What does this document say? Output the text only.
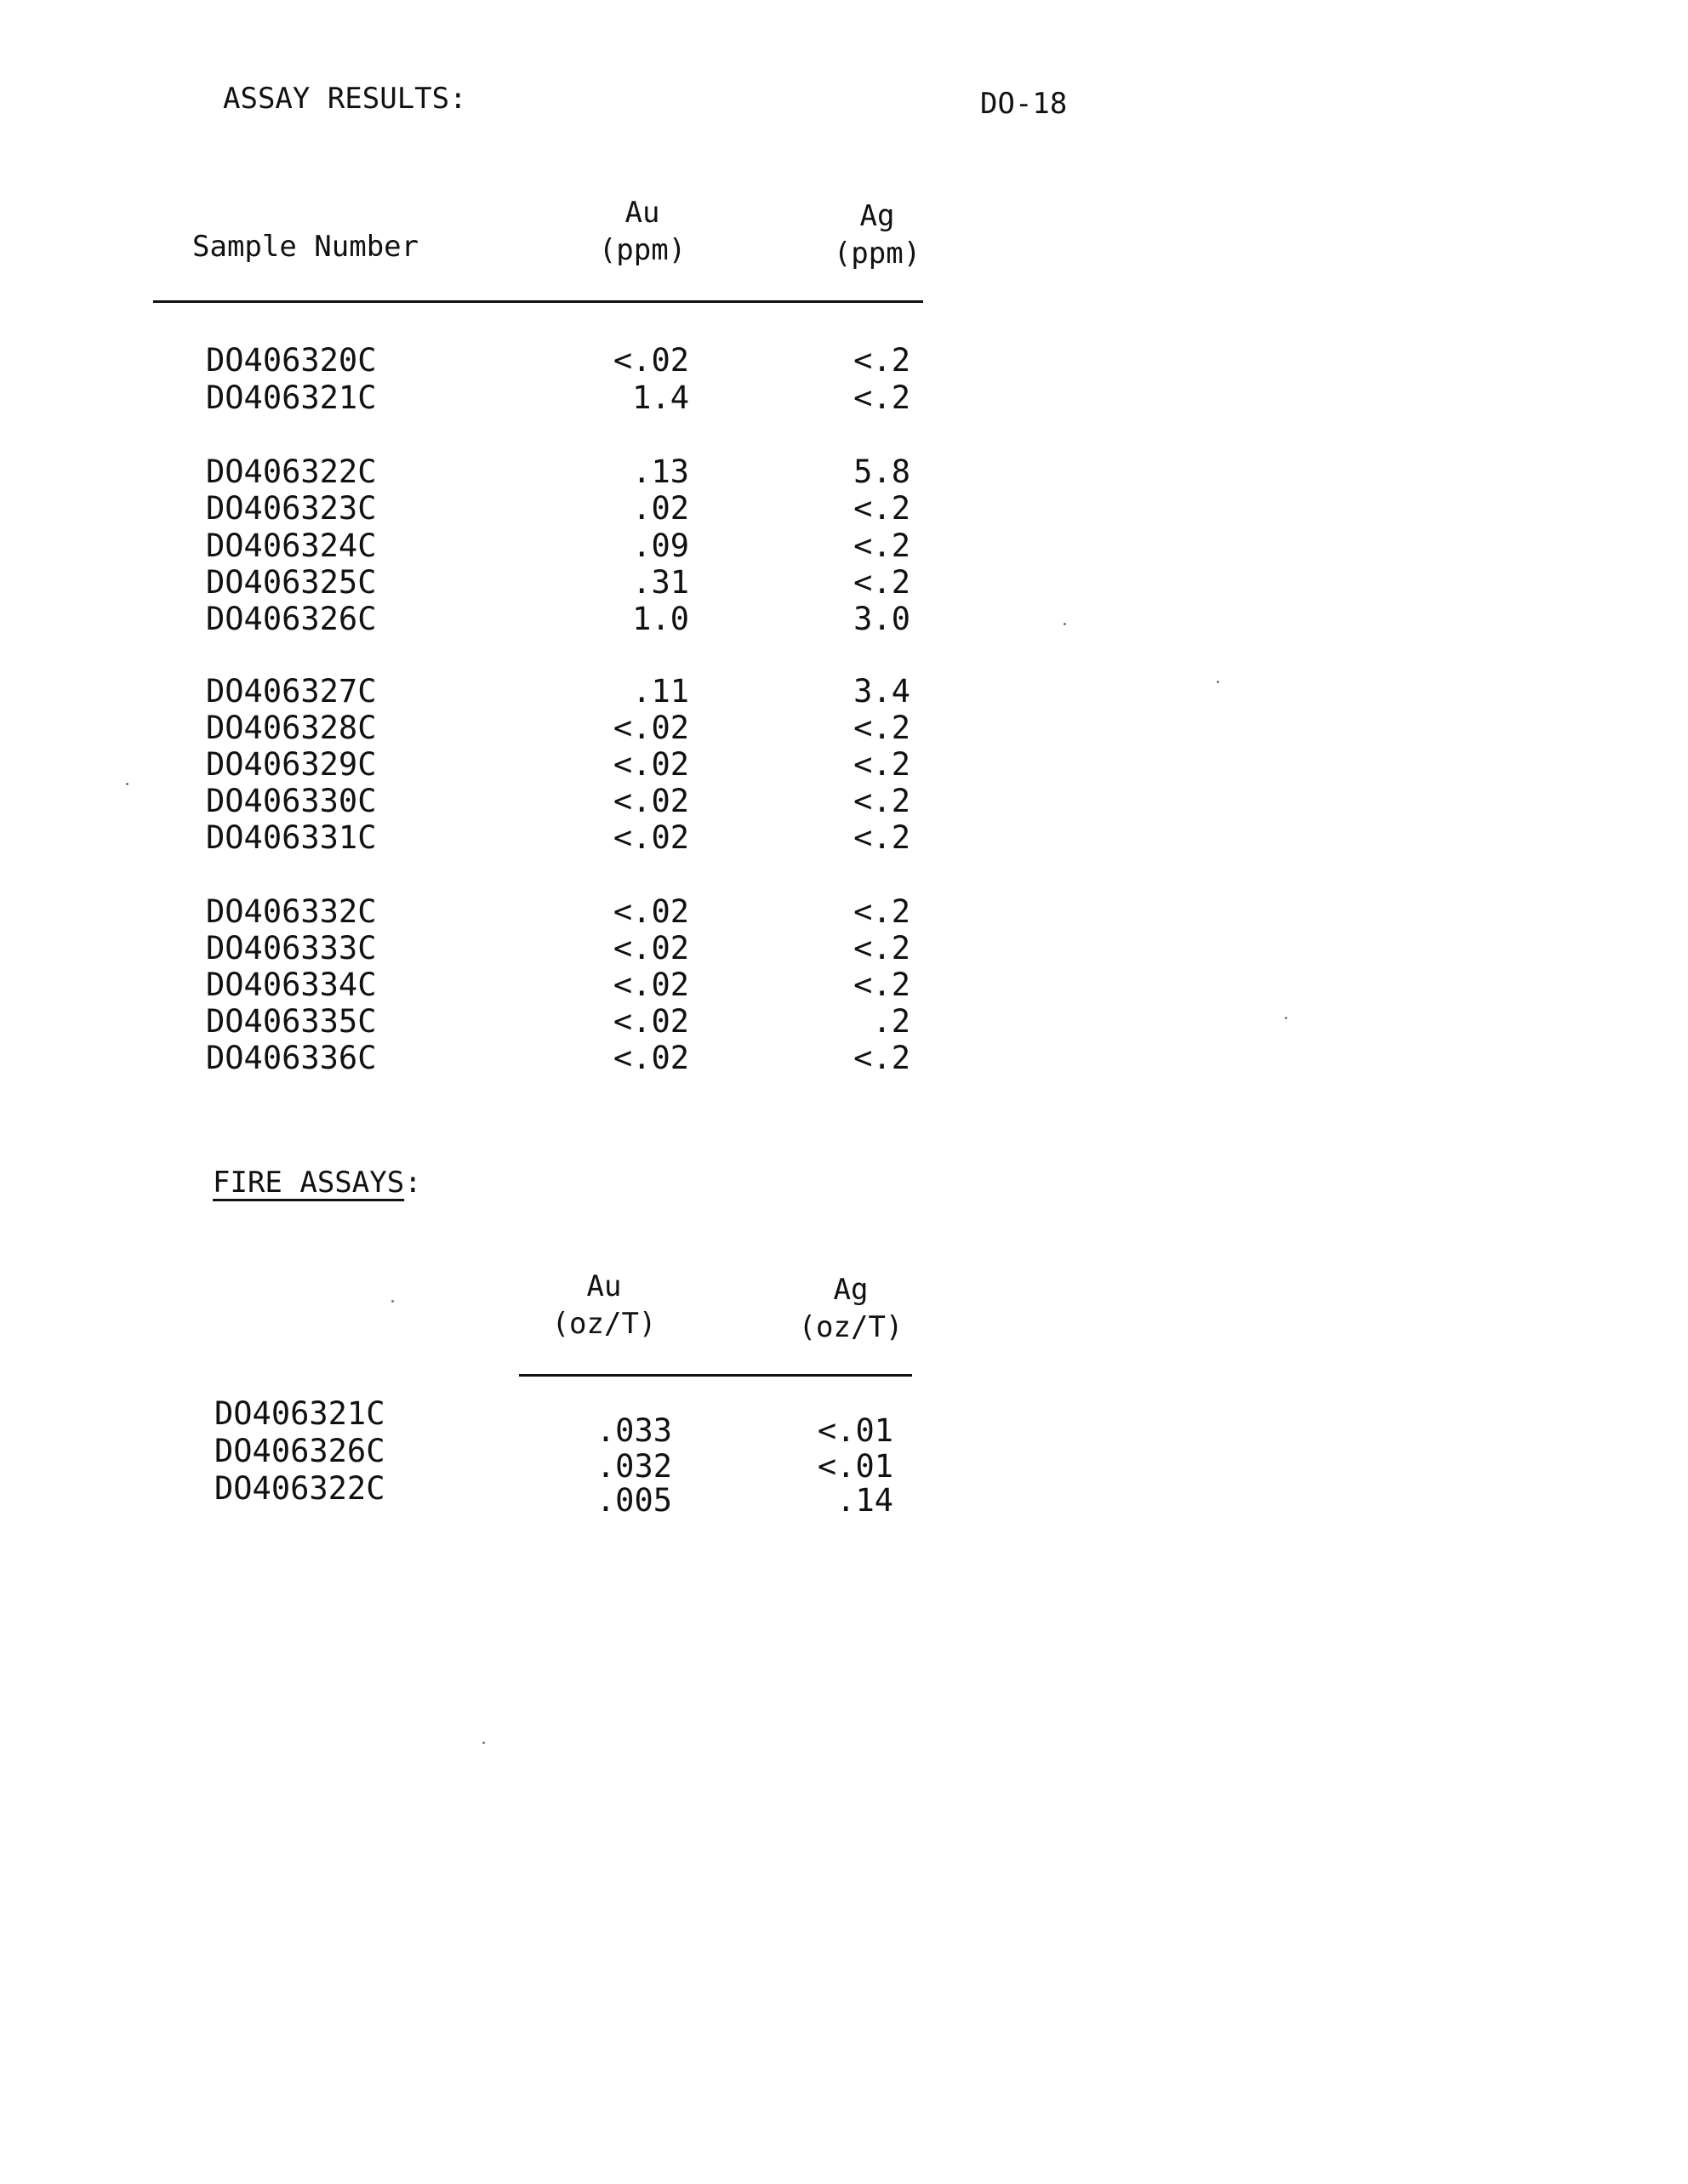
ASSAY RESULTS:	DO-18
Sample Number
Au
(ppm)
Ag
(ppm)
DO406320C	<.02	<.2
DO406321C	1.4	<.2
DO406322C	.13	5.8
DO406323C	.02	<.2
DO406324C	.09	<.2
DO406325C	.31	<.2
DO406326C	1.0	3.0
DO406327C	.11	3.4
DO406328C	<.02	<.2
DO406329C	<.02	<.2
DO406330C	<.02	<.2
DO406331C	<.02	<.2
DO406332C	<.02	<.2
DO406333C	<.02	<.2
DO406334C	<.02	<.2
DO406335C	<.02	.2
DO406336C	<.02	<.2
FIRE ASSAYS:
Au
(oz/T)
Ag
(oz/T)
DO406321C	.033	<.01
DO406326C	.032	<.01
DO406322C	.005	.14
